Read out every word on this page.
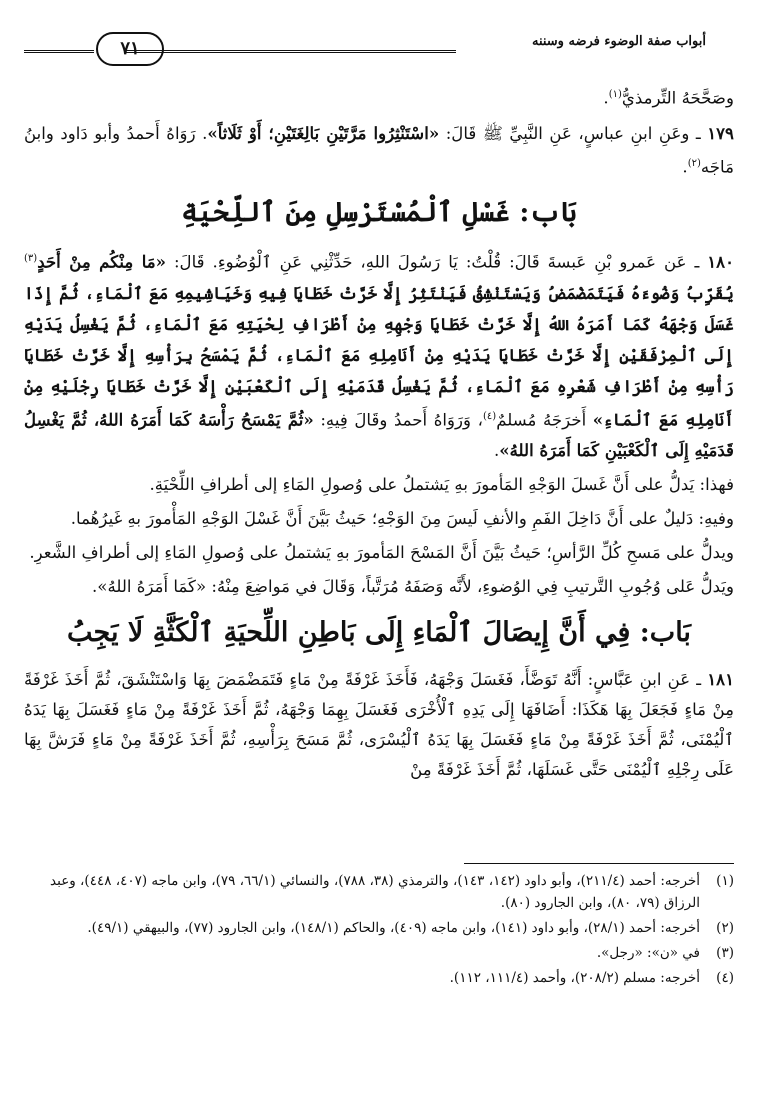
أبواب صفة الوضوء فرضه وسننه
٧١

وصَحَّحَهُ التِّرمذيُّ$^{(١)}$.

١٧٩ ـ وعَنِ ابنِ عباسٍ، عَنِ النَّبِيِّ ﷺ قَالَ: «اسْتَنْثِرُوا مَرَّتَيْنِ بَالِغَتَيْنِ؛ أَوْ ثَلَاثاً». رَوَاهُ أَحمدُ وأبو دَاود وابنُ مَاجَه$^{(٢)}$.

بَاب: غَسْلِ ٱلْمُسْتَرْسِلِ مِنَ ٱللِّحْيَةِ

١٨٠ ـ عَن عَمرو بْنِ عَبسةَ قَالَ: قُلْتُ: يَا رَسُولَ اللهِ، حَدِّثْنِي عَنِ ٱلْوُضُوءِ. قَالَ: «مَا مِنْكُم مِنْ أَحَدٍ$^{(٣)}$ يُقَرِّبُ وَضُوءَهُ فَيَتَمَضْمَضُ وَيَسْتَنْشِقُ فَيَنْتَثِرُ إِلَّا خَرَّتْ خَطَايَا فِيهِ وَخَيَاشِيمِهِ مَعَ ٱلْمَاءِ، ثُمَّ إِذَا غَسَلَ وَجْهَهُ كَمَا أَمَرَهُ اللهُ إِلَّا خَرَّتْ خَطَايَا وَجْهِهِ مِنْ أَطْرَافِ لِحْيَتِهِ مَعَ ٱلْمَاءِ، ثُمَّ يَغْسِلُ يَدَيْهِ إِلَى ٱلْمِرْفَقَيْنِ إِلَّا خَرَّتْ خَطَايَا يَدَيْهِ مِنْ أَنَامِلِهِ مَعَ ٱلْمَاءِ، ثُمَّ يَمْسَحُ بِرَأْسِهِ إِلَّا خَرَّتْ خَطَايَا رَأْسِهِ مِنْ أَطْرَافِ شَعْرِهِ مَعَ ٱلْمَاءِ، ثُمَّ يَغْسِلُ قَدَمَيْهِ إِلَى ٱلْكَعْبَيْنِ إِلَّا خَرَّتْ خَطَايَا رِجْلَيْهِ مِنْ أَنَامِلِهِ مَعَ ٱلْمَاءِ» أَخرَجَهُ مُسلمٌ$^{(٤)}$، وَرَوَاهُ أَحمدُ وقَالَ فِيهِ: «ثُمَّ يَمْسَحُ رَأْسَهُ كَمَا أَمَرَهُ اللهُ، ثُمَّ يَغْسِلُ قَدَمَيْهِ إِلَى ٱلْكَعْبَيْنِ كَمَا أَمَرَهُ اللهُ».

فهذا: يَدلُّ على أَنَّ غَسلَ الوَجْهِ المَأمورَ بهِ يَشتملُ على وُصولِ المَاءِ إلى أطرافِ اللِّحْيَةِ.

وفيهِ: دَليلٌ على أَنَّ دَاخِلَ الفَمِ والأنفِ لَيسَ مِنَ الوَجْهِ؛ حَيثُ بَيَّنَ أَنَّ غَسْلَ الوَجْهِ المَأْمورَ بهِ غَيرُهُما.

ويدلُّ على مَسحِ كُلِّ الرَّأسِ؛ حَيثُ بَيَّنَ أَنَّ المَسْحَ المَأمورَ بهِ يَشتملُ على وُصولِ المَاءِ إلى أطرافِ الشَّعرِ.

ويَدلُّ عَلى وُجُوبِ التَّرتيبِ فِي الوُضوءِ، لأَنَّه وَصَفَهُ مُرَتَّباً، وَقَالَ في مَواضِعَ مِنْهُ: «كَمَا أَمَرَهُ اللهُ».

بَاب: فِي أَنَّ إِيصَالَ ٱلْمَاءِ إِلَى بَاطِنِ اللِّحيَةِ ٱلْكَثَّةِ لَا يَجِبُ

١٨١ ـ عَنِ ابنِ عَبَّاسٍ: أَنَّهُ تَوَضَّأَ، فَغَسَلَ وَجْهَهُ، فَأَخَذَ غَرْفَةً مِنْ مَاءٍ فَتَمَضْمَضَ بِهَا وَاسْتَنْشَقَ، ثُمَّ أَخَذَ غَرْفَةً مِنْ مَاءٍ فَجَعَلَ بِهَا هَكَذَا: أَضَافَهَا إِلَى يَدِهِ ٱلْأُخْرَى فَغَسَلَ بِهِمَا وَجْهَهُ، ثُمَّ أَخَذَ غَرْفَةً مِنْ مَاءٍ فَغَسَلَ بِهَا يَدَهُ ٱلْيُمْنَى، ثُمَّ أَخَذَ غَرْفَةً مِنْ مَاءٍ فَغَسَلَ بِهَا يَدَهُ ٱلْيُسْرَى، ثُمَّ مَسَحَ بِرَأْسِهِ، ثُمَّ أَخَذَ غَرْفَةً مِنْ مَاءٍ فَرَشَّ بِهَا عَلَى رِجْلِهِ ٱلْيُمْنَى حَتَّى غَسَلَهَا، ثُمَّ أَخَذَ غَرْفَةً مِنْ

(١)
أخرجه: أحمد (٢١١/٤)، وأبو داود (١٤٢، ١٤٣)، والترمذي (٣٨، ٧٨٨)، والنسائي (٦٦/١، ٧٩)، وابن ماجه (٤٠٧، ٤٤٨)، وعبد الرزاق (٧٩، ٨٠)، وابن الجارود (٨٠).
(٢)
أخرجه: أحمد (٢٨/١)، وأبو داود (١٤١)، وابن ماجه (٤٠٩)، والحاكم (١٤٨/١)، وابن الجارود (٧٧)، والبيهقي (٤٩/١).
(٣)
في «ن»: «رجل».
(٤)
أخرجه: مسلم (٢٠٨/٢)، وأحمد (١١١/٤، ١١٢).
